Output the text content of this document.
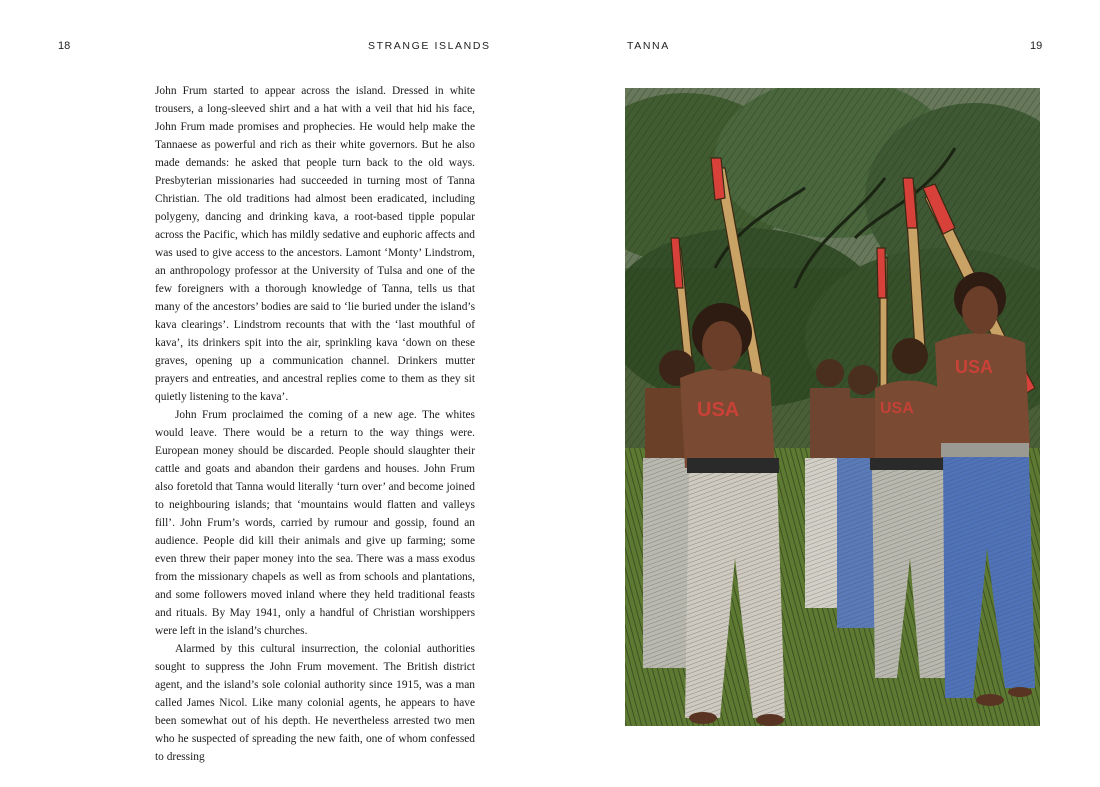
18	STRANGE ISLANDS

John Frum started to appear across the island. Dressed in white trousers, a long-sleeved shirt and a hat with a veil that hid his face, John Frum made promises and prophecies. He would help make the Tannaese as powerful and rich as their white governors. But he also made demands: he asked that people turn back to the old ways. Presbyterian missionaries had succeeded in turning most of Tanna Christian. The old traditions had almost been eradicated, including polygeny, dancing and drinking kava, a root-based tipple popular across the Pacific, which has mildly sedative and euphoric affects and was used to give access to the ancestors. Lamont ‘Monty’ Lindstrom, an anthropology professor at the University of Tulsa and one of the few foreigners with a thorough knowledge of Tanna, tells us that many of the ancestors’ bodies are said to ‘lie buried under the island’s kava clearings’. Lindstrom recounts that with the ‘last mouthful of kava’, its drinkers spit into the air, sprinkling kava ‘down on these graves, opening up a communication channel. Drinkers mutter prayers and entreaties, and ancestral replies come to them as they sit quietly listening to the kava’.

John Frum proclaimed the coming of a new age. The whites would leave. There would be a return to the way things were. European money should be discarded. People should slaughter their cattle and goats and abandon their gardens and houses. John Frum also foretold that Tanna would literally ‘turn over’ and become joined to neighbouring islands; that ‘mountains would flatten and valleys fill’. John Frum’s words, carried by rumour and gossip, found an audience. People did kill their animals and give up farming; some even threw their paper money into the sea. There was a mass exodus from the missionary chapels as well as from schools and plantations, and some followers moved inland where they held traditional feasts and rituals. By May 1941, only a handful of Christian worshippers were left in the island’s churches.

Alarmed by this cultural insurrection, the colonial authorities sought to suppress the John Frum movement. The British district agent, and the island’s sole colonial authority since 1915, was a man called James Nicol. Like many colonial agents, he appears to have been somewhat out of his depth. He nevertheless arrested two men who he suspected of spreading the new faith, one of whom confessed to dressing

TANNA	19
USA	USA
USA
